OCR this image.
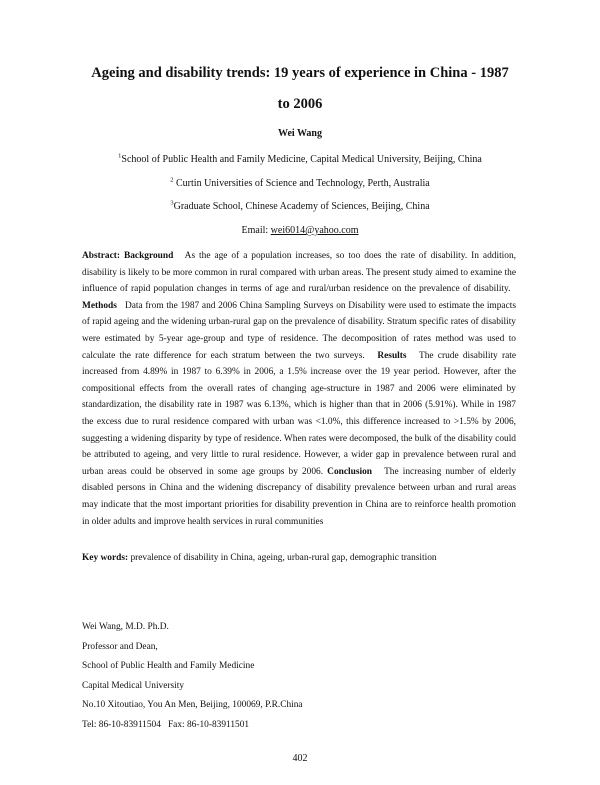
Ageing and disability trends: 19 years of experience in China - 1987
to 2006
Wei Wang
$^1$School of Public Health and Family Medicine, Capital Medical University, Beijing, China
$^2$ Curtin Universities of Science and Technology, Perth, Australia
$^3$Graduate School, Chinese Academy of Sciences, Beijing, China
Email: wei6014@yahoo.com
Abstract: Background As the age of a population increases, so too does the rate of disability. In addition, disability is likely to be more common in rural compared with urban areas. The present study aimed to examine the influence of rapid population changes in terms of age and rural/urban residence on the prevalence of disability.   Methods Data from the 1987 and 2006 China Sampling Surveys on Disability were used to estimate the impacts of rapid ageing and the widening urban-rural gap on the prevalence of disability. Stratum specific rates of disability were estimated by 5-year age-group and type of residence. The decomposition of rates method was used to calculate the rate difference for each stratum between the two surveys. Results The crude disability rate increased from 4.89% in 1987 to 6.39% in 2006, a 1.5% increase over the 19 year period. However, after the compositional effects from the overall rates of changing age-structure in 1987 and 2006 were eliminated by standardization, the disability rate in 1987 was 6.13%, which is higher than that in 2006 (5.91%). While in 1987 the excess due to rural residence compared with urban was <1.0%, this difference increased to >1.5% by 2006, suggesting a widening disparity by type of residence. When rates were decomposed, the bulk of the disability could be attributed to ageing, and very little to rural residence. However, a wider gap in prevalence between rural and urban areas could be observed in some age groups by 2006. Conclusion The increasing number of elderly disabled persons in China and the widening discrepancy of disability prevalence between urban and rural areas may indicate that the most important priorities for disability prevention in China are to reinforce health promotion in older adults and improve health services in rural communities
Key words: prevalence of disability in China, ageing, urban-rural gap, demographic transition
Wei Wang, M.D. Ph.D.
Professor and Dean,
School of Public Health and Family Medicine
Capital Medical University
No.10 Xitoutiao, You An Men, Beijing, 100069, P.R.China
Tel: 86-10-83911504   Fax: 86-10-83911501
402
